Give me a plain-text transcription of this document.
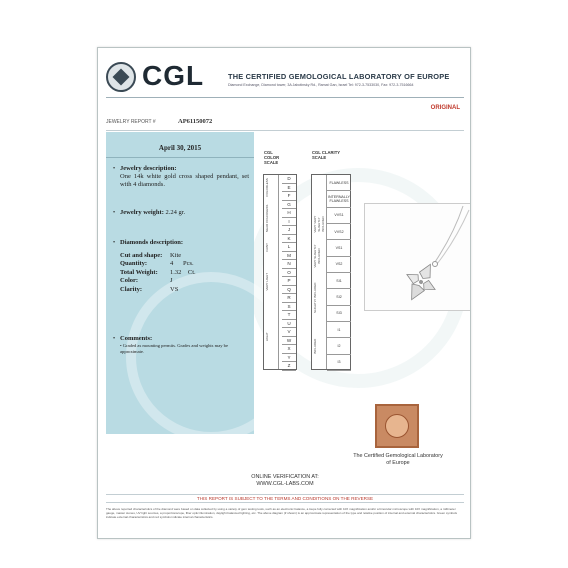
CGL	THE CERTIFIED GEMOLOGICAL LABORATORY OF EUROPE
Diamond Exchange, Diamond tower, 3A Jabotinsky Rd., Ramat Gan, Israel Tel: 972-3-7533030, Fax: 972-3-7516664
ORIGINAL
JEWELRY REPORT #	AP61150072
April 30, 2015
• Jewelry description:
One 14k white gold cross shaped pendant, set with 4 diamonds.
• Jewelry weight: 2.24 gr.
• Diamonds description:
Cut and shape:	Kite
Quantity:	4      Pcs.
Total Weight:	1.32    Ct.
Color:	J
Clarity:	VS
• Comments:
• Graded as mounting permits. Grades and weights may be approximate.
CGL COLOR SCALE
D
E
F
G
H
I
J
K
L
M
N
O
P
Q
R
S
T
U
V
W
X
Y
Z
COLORLESS
NEAR COLORLESS
FAINT
VERY LIGHT
LIGHT
CGL CLARITY SCALE
FLAWLESS
INTERNALLY FLAWLESS
VVS1
VVS2
VS1
VS2
SI1
SI2
SI3
I1
I2
I3
VERY VERY SLIGHTLY INCLUDED
VERY SLIGHTLY INCLUDED
SLIGHTLY INCLUDED
INCLUDED
The Certified Gemological Laboratory of Europe
ONLINE VERIFICATION AT:
WWW.CGL-LABS.COM
THIS REPORT IS SUBJECT TO THE TERMS AND CONDITIONS ON THE REVERSE
The above reported characteristics of the diamond were based on data collected by using a variety of gem testing tools, such as an electronic balance, a loupe fully corrected with 10X magnification and/or a binocular microscope with 10X magnification, a millimeter gauge, master stones, UV light sources, a proportionscope, fiber optic illumination, daylight balanced lighting, etc. The above diagram (if shown) is an approximate representation of the type and relative position of internal and external characteristics. Green symbols indicate external characteristics and red symbols indicate internal characteristics.
